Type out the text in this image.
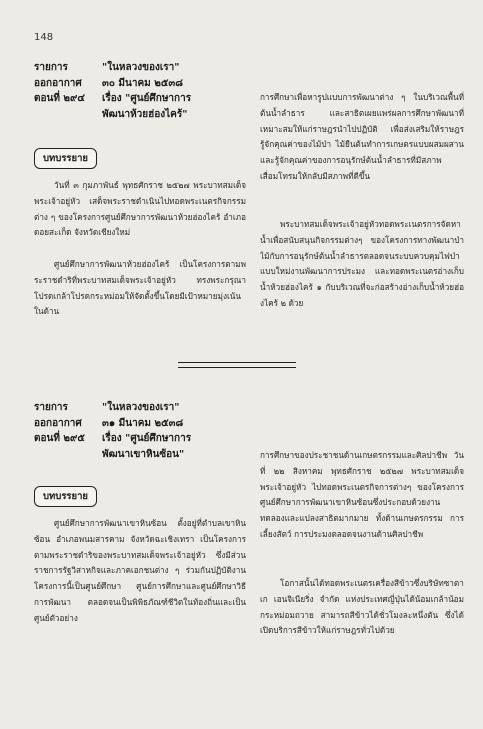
148
รายการ	"ในหลวงของเรา"
ออกอากาศ	๓๐ มีนาคม ๒๕๓๘
ตอนที่ ๒๙๔	เรื่อง "ศูนย์ศึกษาการ
พัฒนาห้วยฮ่องไคร้"
บทบรรยาย

วันที่ ๓ กุมภาพันธ์ พุทธศักราช ๒๕๒๗ พระบาทสมเด็จพระเจ้าอยู่หัว เสด็จพระราชดำเนินไปทอดพระเนตรกิจกรรมต่าง ๆ ของโครงการศูนย์ศึกษาการพัฒนาห้วยฮ่องไคร้ อำเภอดอยสะเก็ด จังหวัดเชียงใหม่

ศูนย์ศึกษาการพัฒนาห้วยฮ่องไคร้ เป็นโครงการตามพระราชดำริที่พระบาทสมเด็จพระเจ้าอยู่หัว ทรงพระกรุณาโปรดเกล้าโปรดกระหม่อมให้จัดตั้งขึ้นโดยมีเป้าหมายมุ่งเน้นในด้าน

การศึกษาเพื่อหารูปแบบการพัฒนาต่าง ๆ ในบริเวณพื้นที่ต้นน้ำลำธาร และสาธิตเผยแพร่ผลการศึกษาพัฒนาที่เหมาะสมให้แก่ราษฎรนำไปปฏิบัติ เพื่อส่งเสริมให้ราษฎรรู้จักคุณค่าของไม้ป่า ไม้ยืนต้นทำการเกษตรแบบผสมผสานและรู้จักคุณค่าของการอนุรักษ์ต้นน้ำลำธารที่มีสภาพเสื่อมโทรมให้กลับมีสภาพที่ดีขึ้น

พระบาทสมเด็จพระเจ้าอยู่หัวทอดพระเนตรการจัดหาน้ำเพื่อสนับสนุนกิจกรรมต่างๆ ของโครงการทางพัฒนาป่าไม้กับการอนุรักษ์ต้นน้ำลำธารตลอดจนระบบควบคุมไฟป่าแบบใหม่งานพัฒนาการประมง และทอดพระเนตรอ่างเก็บน้ำห้วยฮ่องไคร้ ๑ กับบริเวณที่จะก่อสร้างอ่างเก็บน้ำห้วยฮ่องไคร้ ๒ ด้วย

รายการ	"ในหลวงของเรา"
ออกอากาศ	๓๑ มีนาคม ๒๕๓๘
ตอนที่ ๒๙๕	เรื่อง "ศูนย์ศึกษาการ
พัฒนาเขาหินซ้อน"
บทบรรยาย

ศูนย์ศึกษาการพัฒนาเขาหินซ้อน ตั้งอยู่ที่ตำบลเขาหินซ้อน อำเภอพนมสารคาม จังหวัดฉะเชิงเทรา เป็นโครงการตามพระราชดำริของพระบาทสมเด็จพระเจ้าอยู่หัว ซึ่งมีส่วนราชการรัฐวิสาหกิจและภาคเอกชนต่าง ๆ ร่วมกันปฏิบัติงานโครงการนี้เป็นศูนย์ศึกษา ศูนย์การศึกษาและศูนย์ศึกษาวิธีการพัฒนา ตลอดจนเป็นพิพิธภัณฑ์ชีวิตในท้องถิ่นและเป็นศูนย์ตัวอย่าง

การศึกษาของประชาชนด้านเกษตรกรรมและศิลปาชีพ วันที่ ๒๒ สิงหาคม พุทธศักราช ๒๕๒๗ พระบาทสมเด็จพระเจ้าอยู่หัว ไปทอดพระเนตรกิจการต่างๆ ของโครงการศูนย์ศึกษาการพัฒนาเขาหินซ้อนซึ่งประกอบด้วยงานทดลองและแปลงสาธิตมากมาย ทั้งด้านเกษตรกรรม การเลี้ยงสัตว์ การประมงตลอดจนงานด้านศิลปาชีพ

โอกาสนั้นได้ทอดพระเนตรเครื่องสีข้าวซึ่งบริษัทซาตาเก เอนจิเนียริ่ง จำกัด แห่งประเทศญี่ปุ่นได้น้อมเกล้าน้อมกระหม่อมถวาย สามารถสีข้าวได้ชั่วโมงละหนึ่งตัน ซึ่งได้เปิดบริการสีข้าวให้แก่ราษฎรทั่วไปด้วย
